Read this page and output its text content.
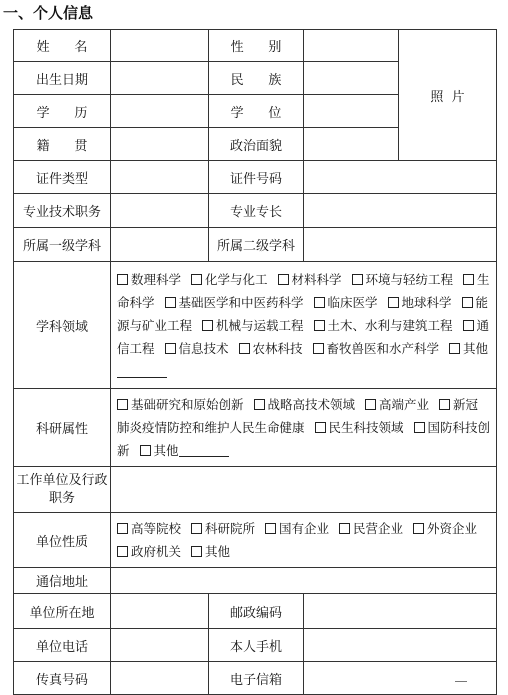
一、个人信息
姓      名		性      别		照  片
出生日期		民      族		
学      历		学      位		
籍      贯		政治面貌		
证件类型		证件号码		
专业技术职务		专业专长		
所属一级学科		所属二级学科		
学科领域	数理科学 化学与化工 材料科学 环境与轻纺工程 生命科学 基础医学和中医药科学 临床医学 地球科学 能源与矿业工程 机械与运载工程 土木、水利与建筑工程 通信工程 信息技术 农林科技 畜牧兽医和水产科学 其他			
科研属性	基础研究和原始创新 战略高技术领域 高端产业 新冠肺炎疫情防控和维护人民生命健康 民生科技领域 国防科技创新 其他			
工作单位及行政职务				
单位性质	高等院校 科研院所 国有企业 民营企业 外资企业 政府机关 其他			
通信地址				
单位所在地		邮政编码		
单位电话		本人手机		
传真号码		电子信箱		
